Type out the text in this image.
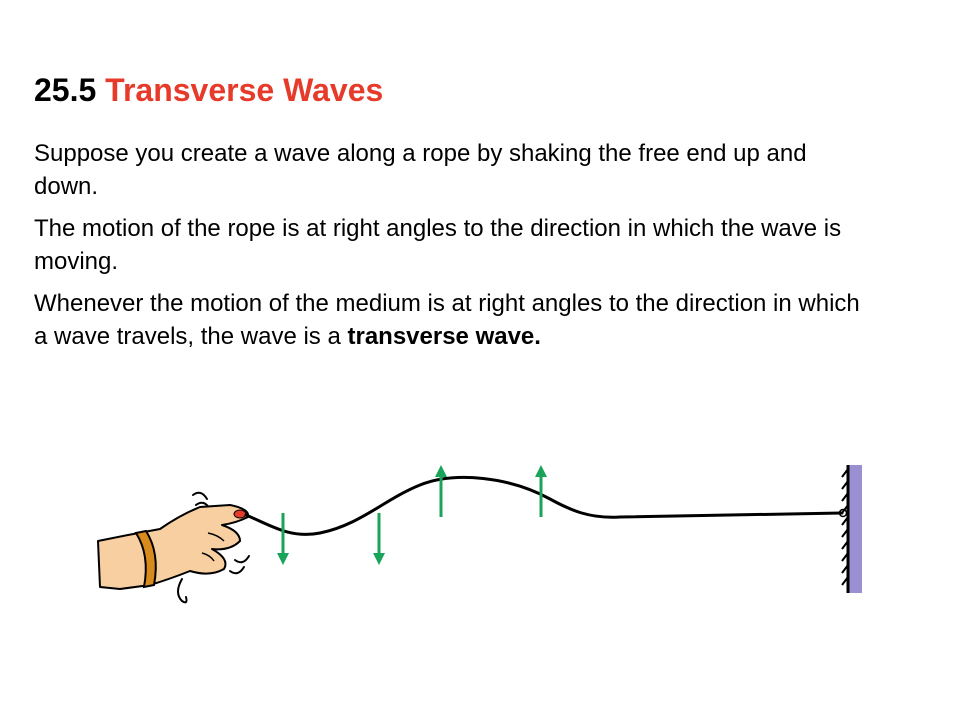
25.5 Transverse Waves

Suppose you create a wave along a rope by shaking the free end up and down.

The motion of the rope is at right angles to the direction in which the wave is moving.

Whenever the motion of the medium is at right angles to the direction in which a wave travels, the wave is a transverse wave.
